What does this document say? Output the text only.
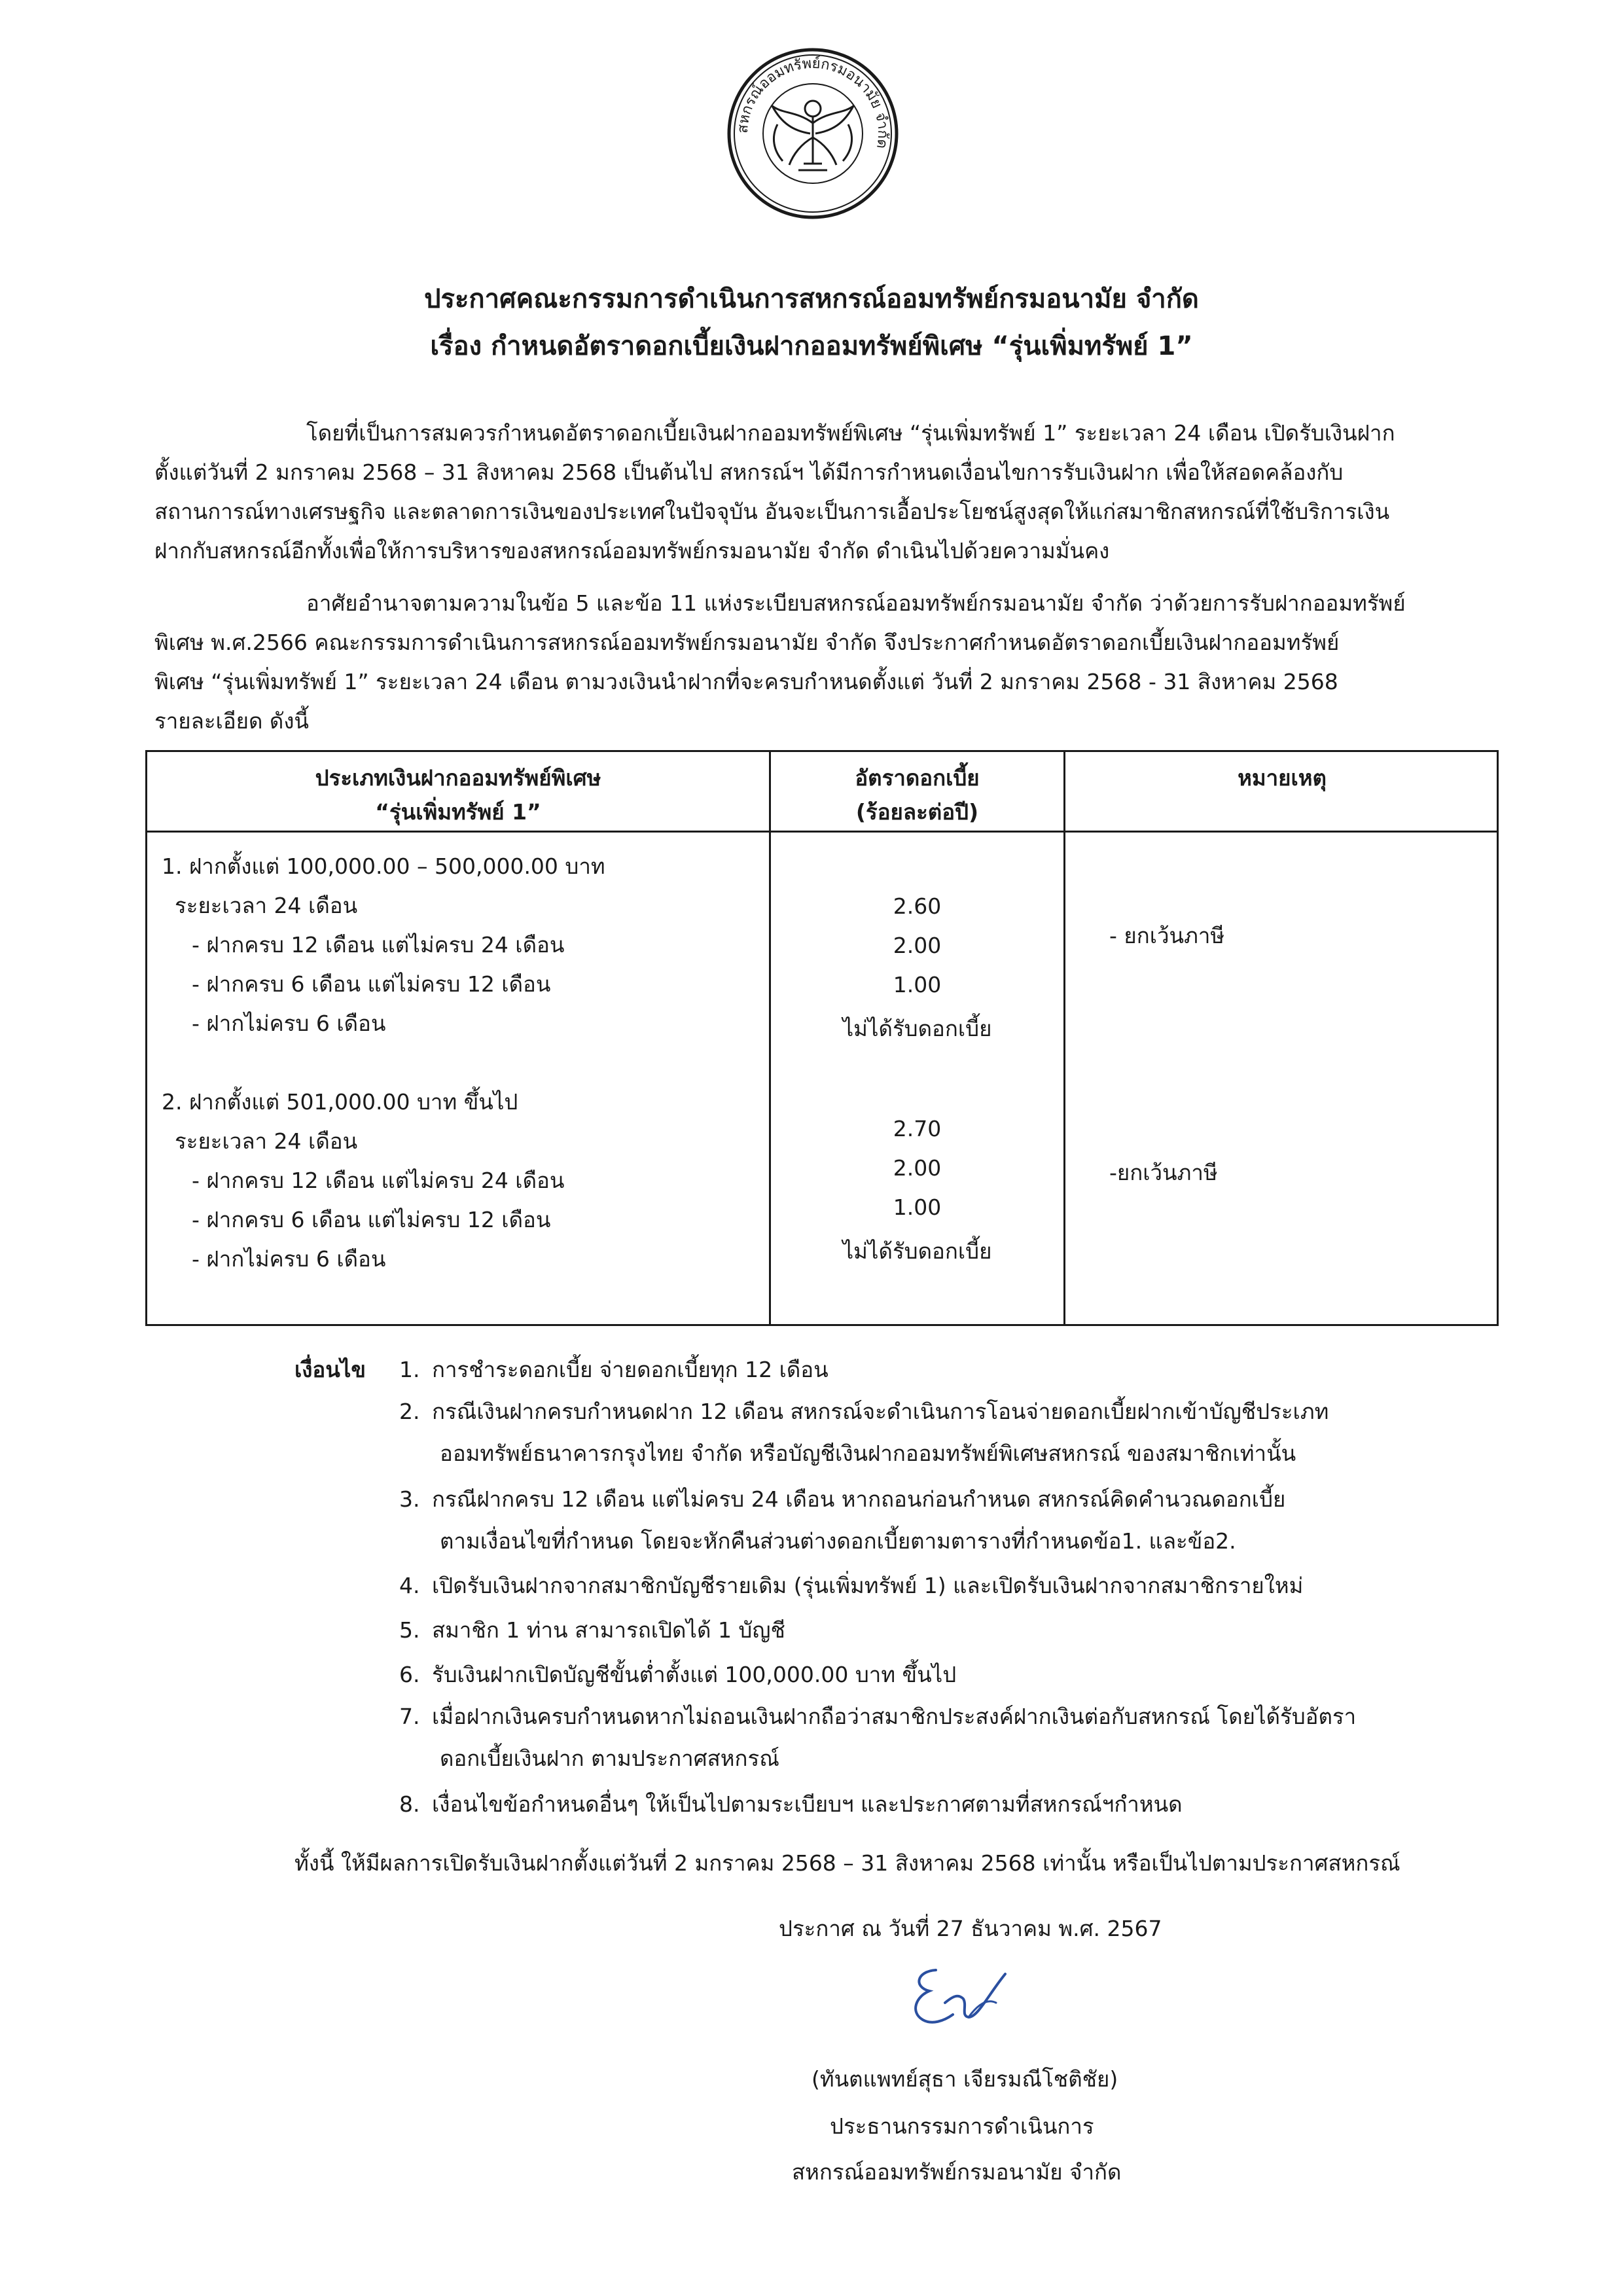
สหกรณ์ออมทรัพย์กรมอนามัย จำกัด
ประกาศคณะกรรมการดำเนินการสหกรณ์ออมทรัพย์กรมอนามัย จำกัด
เรื่อง กำหนดอัตราดอกเบี้ยเงินฝากออมทรัพย์พิเศษ “รุ่นเพิ่มทรัพย์ 1”
โดยที่เป็นการสมควรกำหนดอัตราดอกเบี้ยเงินฝากออมทรัพย์พิเศษ “รุ่นเพิ่มทรัพย์ 1” ระยะเวลา 24 เดือน เปิดรับเงินฝาก
ตั้งแต่วันที่ 2 มกราคม 2568 – 31 สิงหาคม 2568 เป็นต้นไป สหกรณ์ฯ ได้มีการกำหนดเงื่อนไขการรับเงินฝาก เพื่อให้สอดคล้องกับ
สถานการณ์ทางเศรษฐกิจ และตลาดการเงินของประเทศในปัจจุบัน อันจะเป็นการเอื้อประโยชน์สูงสุดให้แก่สมาชิกสหกรณ์ที่ใช้บริการเงิน
ฝากกับสหกรณ์อีกทั้งเพื่อให้การบริหารของสหกรณ์ออมทรัพย์กรมอนามัย จำกัด ดำเนินไปด้วยความมั่นคง
อาศัยอำนาจตามความในข้อ 5 และข้อ 11 แห่งระเบียบสหกรณ์ออมทรัพย์กรมอนามัย จำกัด ว่าด้วยการรับฝากออมทรัพย์
พิเศษ พ.ศ.2566 คณะกรรมการดำเนินการสหกรณ์ออมทรัพย์กรมอนามัย จำกัด จึงประกาศกำหนดอัตราดอกเบี้ยเงินฝากออมทรัพย์
พิเศษ “รุ่นเพิ่มทรัพย์ 1” ระยะเวลา 24 เดือน ตามวงเงินนำฝากที่จะครบกำหนดตั้งแต่ วันที่ 2 มกราคม 2568 - 31 สิงหาคม 2568
รายละเอียด ดังนี้
ประเภทเงินฝากออมทรัพย์พิเศษ
“รุ่นเพิ่มทรัพย์ 1”
อัตราดอกเบี้ย
(ร้อยละต่อปี)
หมายเหตุ
1. ฝากตั้งแต่ 100,000.00 – 500,000.00 บาท
ระยะเวลา 24 เดือน
- ฝากครบ 12 เดือน แต่ไม่ครบ 24 เดือน
- ฝากครบ 6 เดือน แต่ไม่ครบ 12 เดือน
- ฝากไม่ครบ 6 เดือน
2.60
2.00
1.00
ไม่ได้รับดอกเบี้ย
- ยกเว้นภาษี
2. ฝากตั้งแต่ 501,000.00 บาท ขึ้นไป
ระยะเวลา 24 เดือน
- ฝากครบ 12 เดือน แต่ไม่ครบ 24 เดือน
- ฝากครบ 6 เดือน แต่ไม่ครบ 12 เดือน
- ฝากไม่ครบ 6 เดือน
2.70
2.00
1.00
ไม่ได้รับดอกเบี้ย
-ยกเว้นภาษี
เงื่อนไข 1. การชำระดอกเบี้ย จ่ายดอกเบี้ยทุก 12 เดือน
2. กรณีเงินฝากครบกำหนดฝาก 12 เดือน สหกรณ์จะดำเนินการโอนจ่ายดอกเบี้ยฝากเข้าบัญชีประเภท
ออมทรัพย์ธนาคารกรุงไทย จำกัด หรือบัญชีเงินฝากออมทรัพย์พิเศษสหกรณ์ ของสมาชิกเท่านั้น
3. กรณีฝากครบ 12 เดือน แต่ไม่ครบ 24 เดือน หากถอนก่อนกำหนด สหกรณ์คิดคำนวณดอกเบี้ย
ตามเงื่อนไขที่กำหนด โดยจะหักคืนส่วนต่างดอกเบี้ยตามตารางที่กำหนดข้อ1. และข้อ2.
4. เปิดรับเงินฝากจากสมาชิกบัญชีรายเดิม (รุ่นเพิ่มทรัพย์ 1) และเปิดรับเงินฝากจากสมาชิกรายใหม่
5. สมาชิก 1 ท่าน สามารถเปิดได้ 1 บัญชี
6. รับเงินฝากเปิดบัญชีขั้นต่ำตั้งแต่ 100,000.00 บาท ขึ้นไป
7. เมื่อฝากเงินครบกำหนดหากไม่ถอนเงินฝากถือว่าสมาชิกประสงค์ฝากเงินต่อกับสหกรณ์ โดยได้รับอัตรา
ดอกเบี้ยเงินฝาก ตามประกาศสหกรณ์
8. เงื่อนไขข้อกำหนดอื่นๆ ให้เป็นไปตามระเบียบฯ และประกาศตามที่สหกรณ์ฯกำหนด
ทั้งนี้ ให้มีผลการเปิดรับเงินฝากตั้งแต่วันที่ 2 มกราคม 2568 – 31 สิงหาคม 2568 เท่านั้น หรือเป็นไปตามประกาศสหกรณ์
ประกาศ ณ วันที่ 27 ธันวาคม พ.ศ. 2567
(ทันตแพทย์สุธา เจียรมณีโชติชัย)
ประธานกรรมการดำเนินการ
สหกรณ์ออมทรัพย์กรมอนามัย จำกัด
